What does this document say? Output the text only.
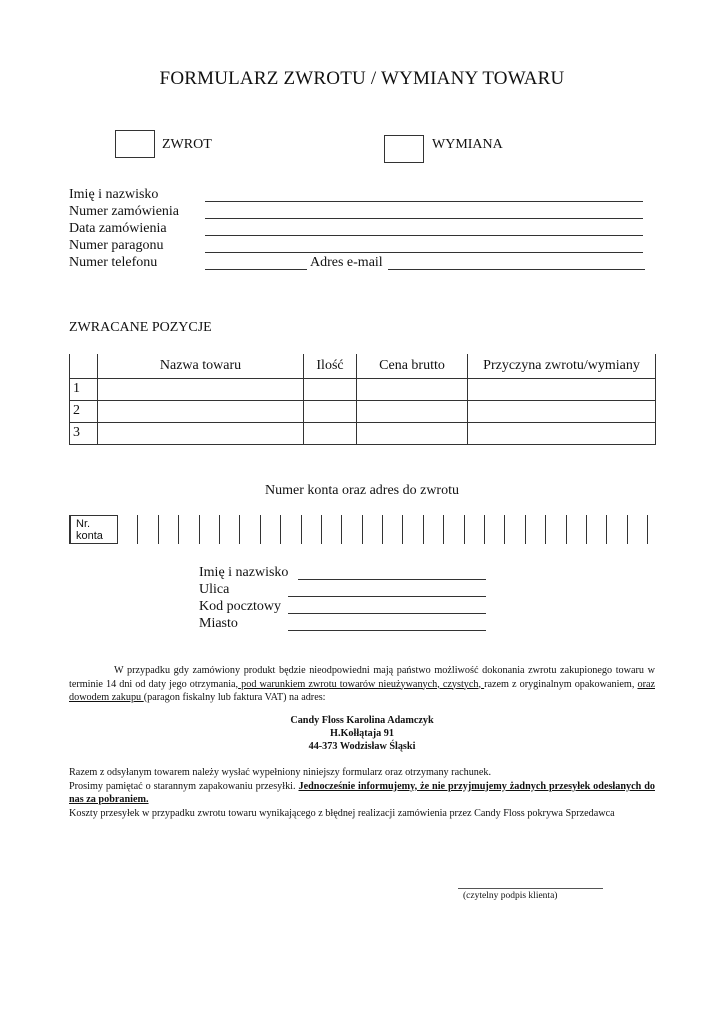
FORMULARZ ZWROTU / WYMIANY TOWARU
ZWROT	WYMIANA
Imię i nazwisko
Numer zamówienia
Data zamówienia
Numer paragonu
Numer telefonu	Adres e-mail
ZWRACANE POZYCJE
	Nazwa towaru	Ilość	Cena brutto	Przyczyna zwrotu/wymiany
1				
2				
3				
Numer konta oraz adres do zwrotu
Nr. konta
Imię i nazwisko
Ulica
Kod pocztowy
Miasto
W przypadku gdy zamówiony produkt będzie nieodpowiedni mają państwo możliwość dokonania zwrotu zakupionego towaru w terminie 14 dni od daty jego otrzymania, pod warunkiem zwrotu towarów nieużywanych, czystych, razem z oryginalnym opakowaniem, oraz dowodem zakupu (paragon fiskalny lub faktura VAT) na adres:
Candy Floss Karolina Adamczyk
H.Kołłątaja 91
44-373 Wodzisław Śląski
Razem z odsyłanym towarem należy wysłać wypełniony niniejszy formularz oraz otrzymany rachunek.
Prosimy pamiętać o starannym zapakowaniu przesyłki. Jednocześnie informujemy, że nie przyjmujemy żadnych przesyłek odesłanych do nas za pobraniem.
Koszty przesyłek w przypadku zwrotu towaru wynikającego z błędnej realizacji zamówienia przez Candy Floss pokrywa Sprzedawca
(czytelny podpis klienta)
